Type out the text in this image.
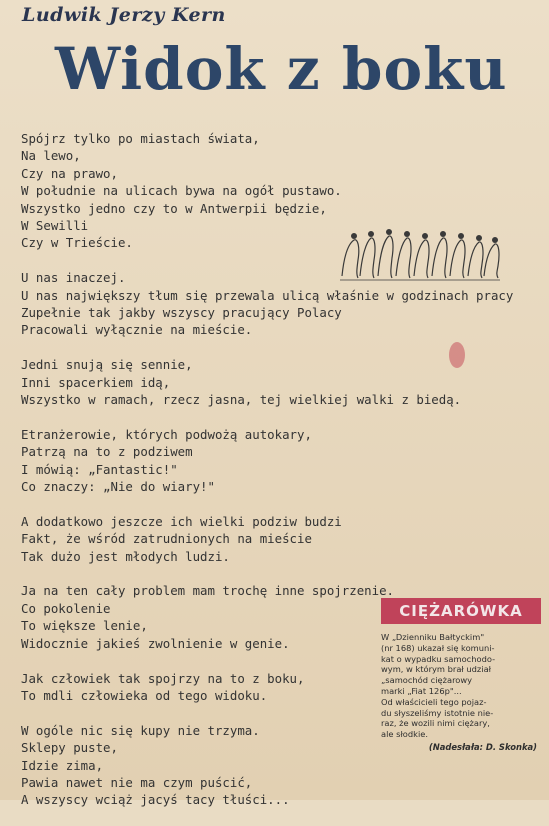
Ludwik Jerzy Kern
Widok z boku
Spójrz tylko po miastach świata,
Na lewo,
Czy na prawo,
W południe na ulicach bywa na ogół pustawo.
Wszystko jedno czy to w Antwerpii będzie,
W Sewilli
Czy w Trieście.
U nas inaczej.
U nas największy tłum się przewala ulicą właśnie w godzinach pracy
Zupełnie tak jakby wszyscy pracujący Polacy
Pracowali wyłącznie na mieście.
Jedni snują się sennie,
Inni spacerkiem idą,
Wszystko w ramach, rzecz jasna, tej wielkiej walki z biedą.
Etranżerowie, których podwożą autokary,
Patrzą na to z podziwem
I mówią: „Fantastic!"
Co znaczy: „Nie do wiary!"
A dodatkowo jeszcze ich wielki podziw budzi
Fakt, że wśród zatrudnionych na mieście
Tak dużo jest młodych ludzi.
Ja na ten cały problem mam trochę inne spojrzenie.
Co pokolenie
To większe lenie,
Widocznie jakieś zwolnienie w genie.
Jak człowiek tak spojrzy na to z boku,
To mdli człowieka od tego widoku.
W ogóle nic się kupy nie trzyma.
Sklepy puste,
Idzie zima,
Pawia nawet nie ma czym puścić,
A wszyscy wciąż jacyś tacy tłuści...
CIĘŻARÓWKA
W „Dzienniku Bałtyckim"
(nr 168) ukazał się komuni-
kat o wypadku samochodo-
wym, w którym brał udział
„samochód ciężarowy
marki „Fiat 126p"...
Od właścicieli tego pojaz-
du słyszeliśmy istotnie nie-
raz, że wozili nimi ciężary,
ale słodkie.
(Nadesłała: D. Skonka)
